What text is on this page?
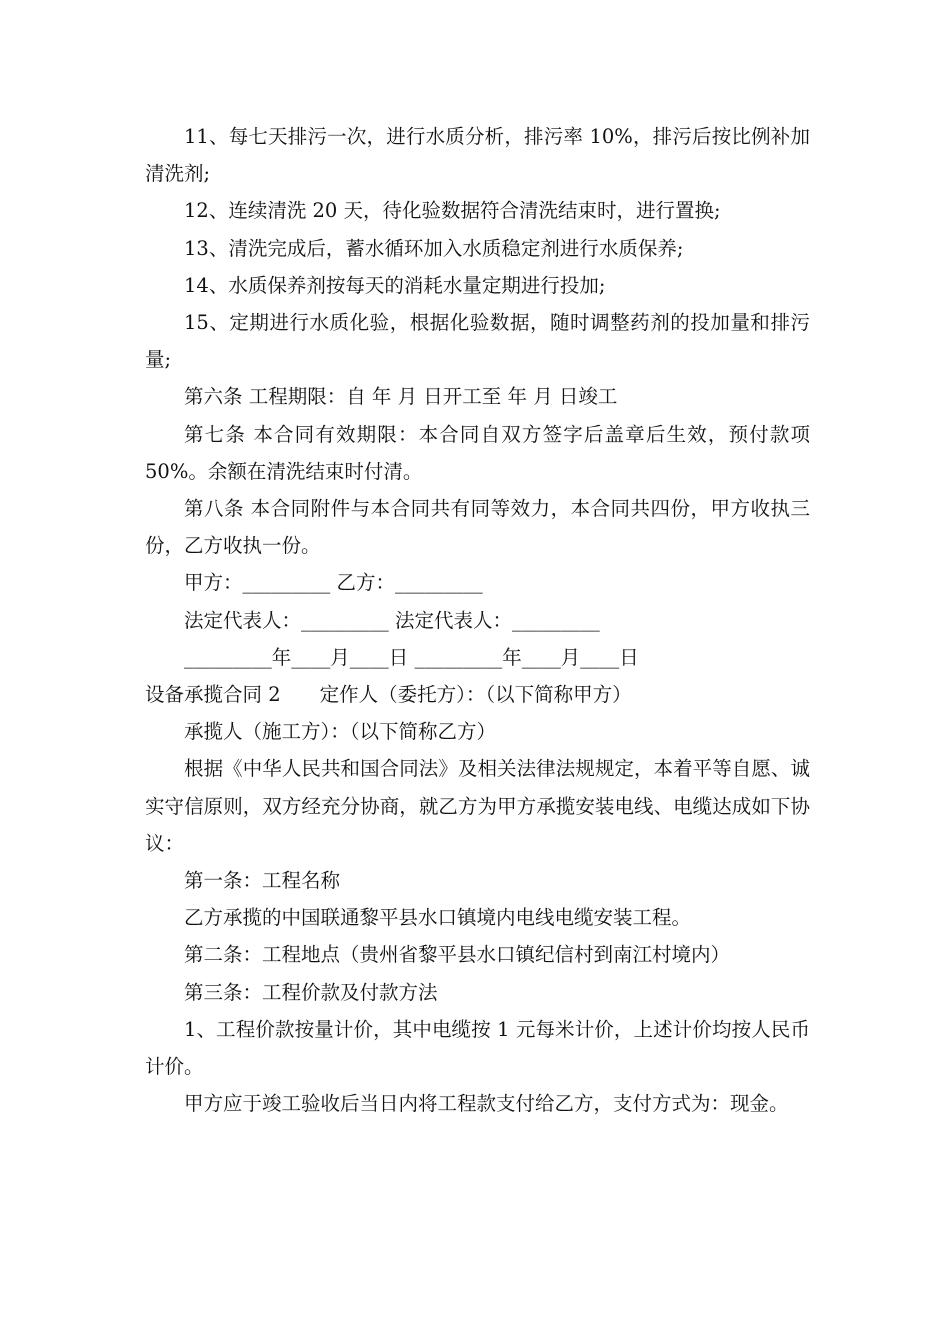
11、每七天排污一次，进行水质分析，排污率 10%，排污后按比例补加清洗剂;

12、连续清洗 20 天，待化验数据符合清洗结束时，进行置换;

13、清洗完成后，蓄水循环加入水质稳定剂进行水质保养;

14、水质保养剂按每天的消耗水量定期进行投加;

15、定期进行水质化验，根据化验数据，随时调整药剂的投加量和排污量;

第六条 工程期限：自 年 月 日开工至 年 月 日竣工

第七条 本合同有效期限：本合同自双方签字后盖章后生效，预付款项 50%。余额在清洗结束时付清。

第八条 本合同附件与本合同共有同等效力，本合同共四份，甲方收执三份，乙方收执一份。

甲方：_________ 乙方：_________

法定代表人：_________ 法定代表人：_________

_________年____月____日 _________年____月____日

设备承揽合同 2　　定作人（委托方）：（以下简称甲方）

承揽人（施工方）：（以下简称乙方）

根据《中华人民共和国合同法》及相关法律法规规定，本着平等自愿、诚实守信原则，双方经充分协商，就乙方为甲方承揽安装电线、电缆达成如下协议：

第一条：工程名称

乙方承揽的中国联通黎平县水口镇境内电线电缆安装工程。

第二条：工程地点（贵州省黎平县水口镇纪信村到南江村境内）

第三条：工程价款及付款方法

1、工程价款按量计价，其中电缆按 1 元每米计价，上述计价均按人民币计价。

甲方应于竣工验收后当日内将工程款支付给乙方，支付方式为：现金。
